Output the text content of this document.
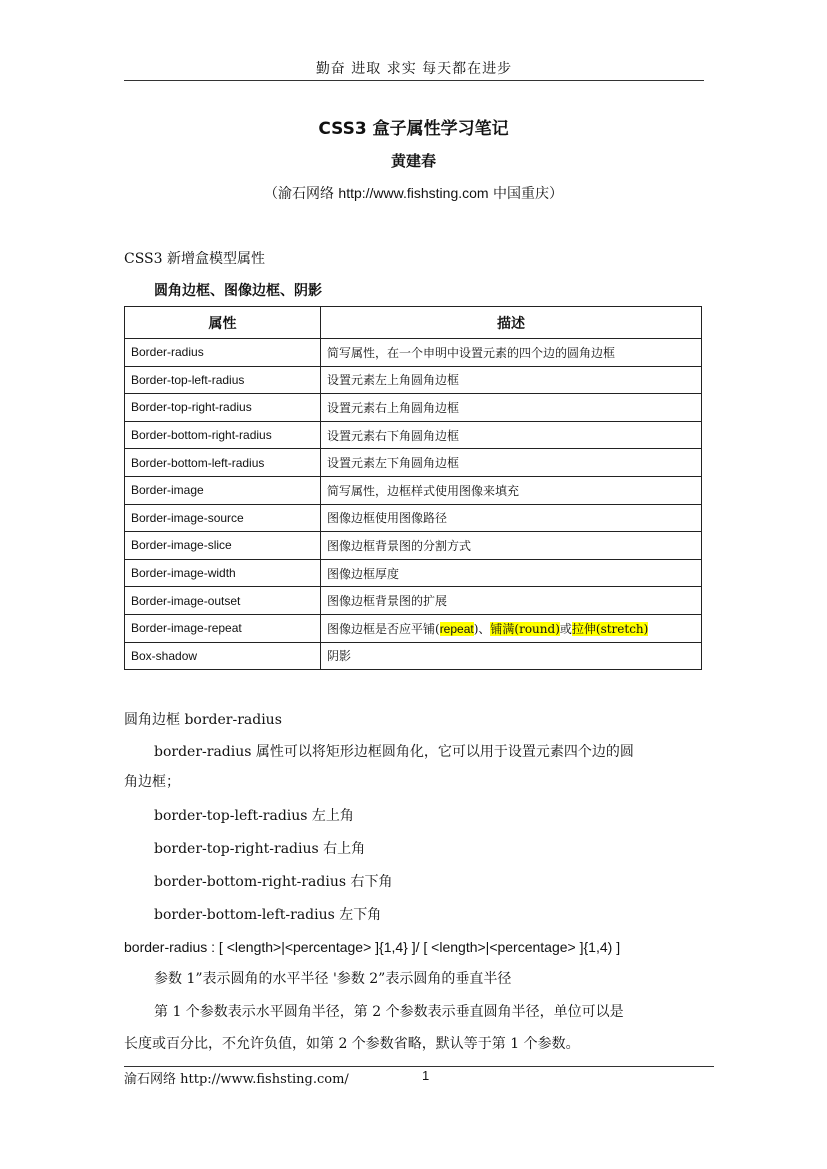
勤奋 进取 求实 每天都在进步
CSS3 盒子属性学习笔记
黄建春
（渝石网络 http://www.fishsting.com 中国重庆）
CSS3 新增盒模型属性
圆角边框、图像边框、阴影
属性	描述
Border-radius	简写属性，在一个申明中设置元素的四个边的圆角边框
Border-top-left-radius	设置元素左上角圆角边框
Border-top-right-radius	设置元素右上角圆角边框
Border-bottom-right-radius	设置元素右下角圆角边框
Border-bottom-left-radius	设置元素左下角圆角边框
Border-image	简写属性，边框样式使用图像来填充
Border-image-source	图像边框使用图像路径
Border-image-slice	图像边框背景图的分割方式
Border-image-width	图像边框厚度
Border-image-outset	图像边框背景图的扩展
Border-image-repeat	图像边框是否应平铺(repeat)、铺满(round)或拉伸(stretch)
Box-shadow	阴影
圆角边框 border-radius
border-radius 属性可以将矩形边框圆角化，它可以用于设置元素四个边的圆
角边框；
border-top-left-radius 左上角
border-top-right-radius 右上角
border-bottom-right-radius 右下角
border-bottom-left-radius 左下角
border-radius : [ <length>|<percentage> ]{1,4} ]/ [ <length>|<percentage> ]{1,4) ]
参数 1”表示圆角的水平半径 '参数 2”表示圆角的垂直半径
第 1 个参数表示水平圆角半径，第 2 个参数表示垂直圆角半径，单位可以是
长度或百分比，不允许负值，如第 2 个参数省略，默认等于第 1 个参数。
渝石网络 http://www.fishsting.com/	1
